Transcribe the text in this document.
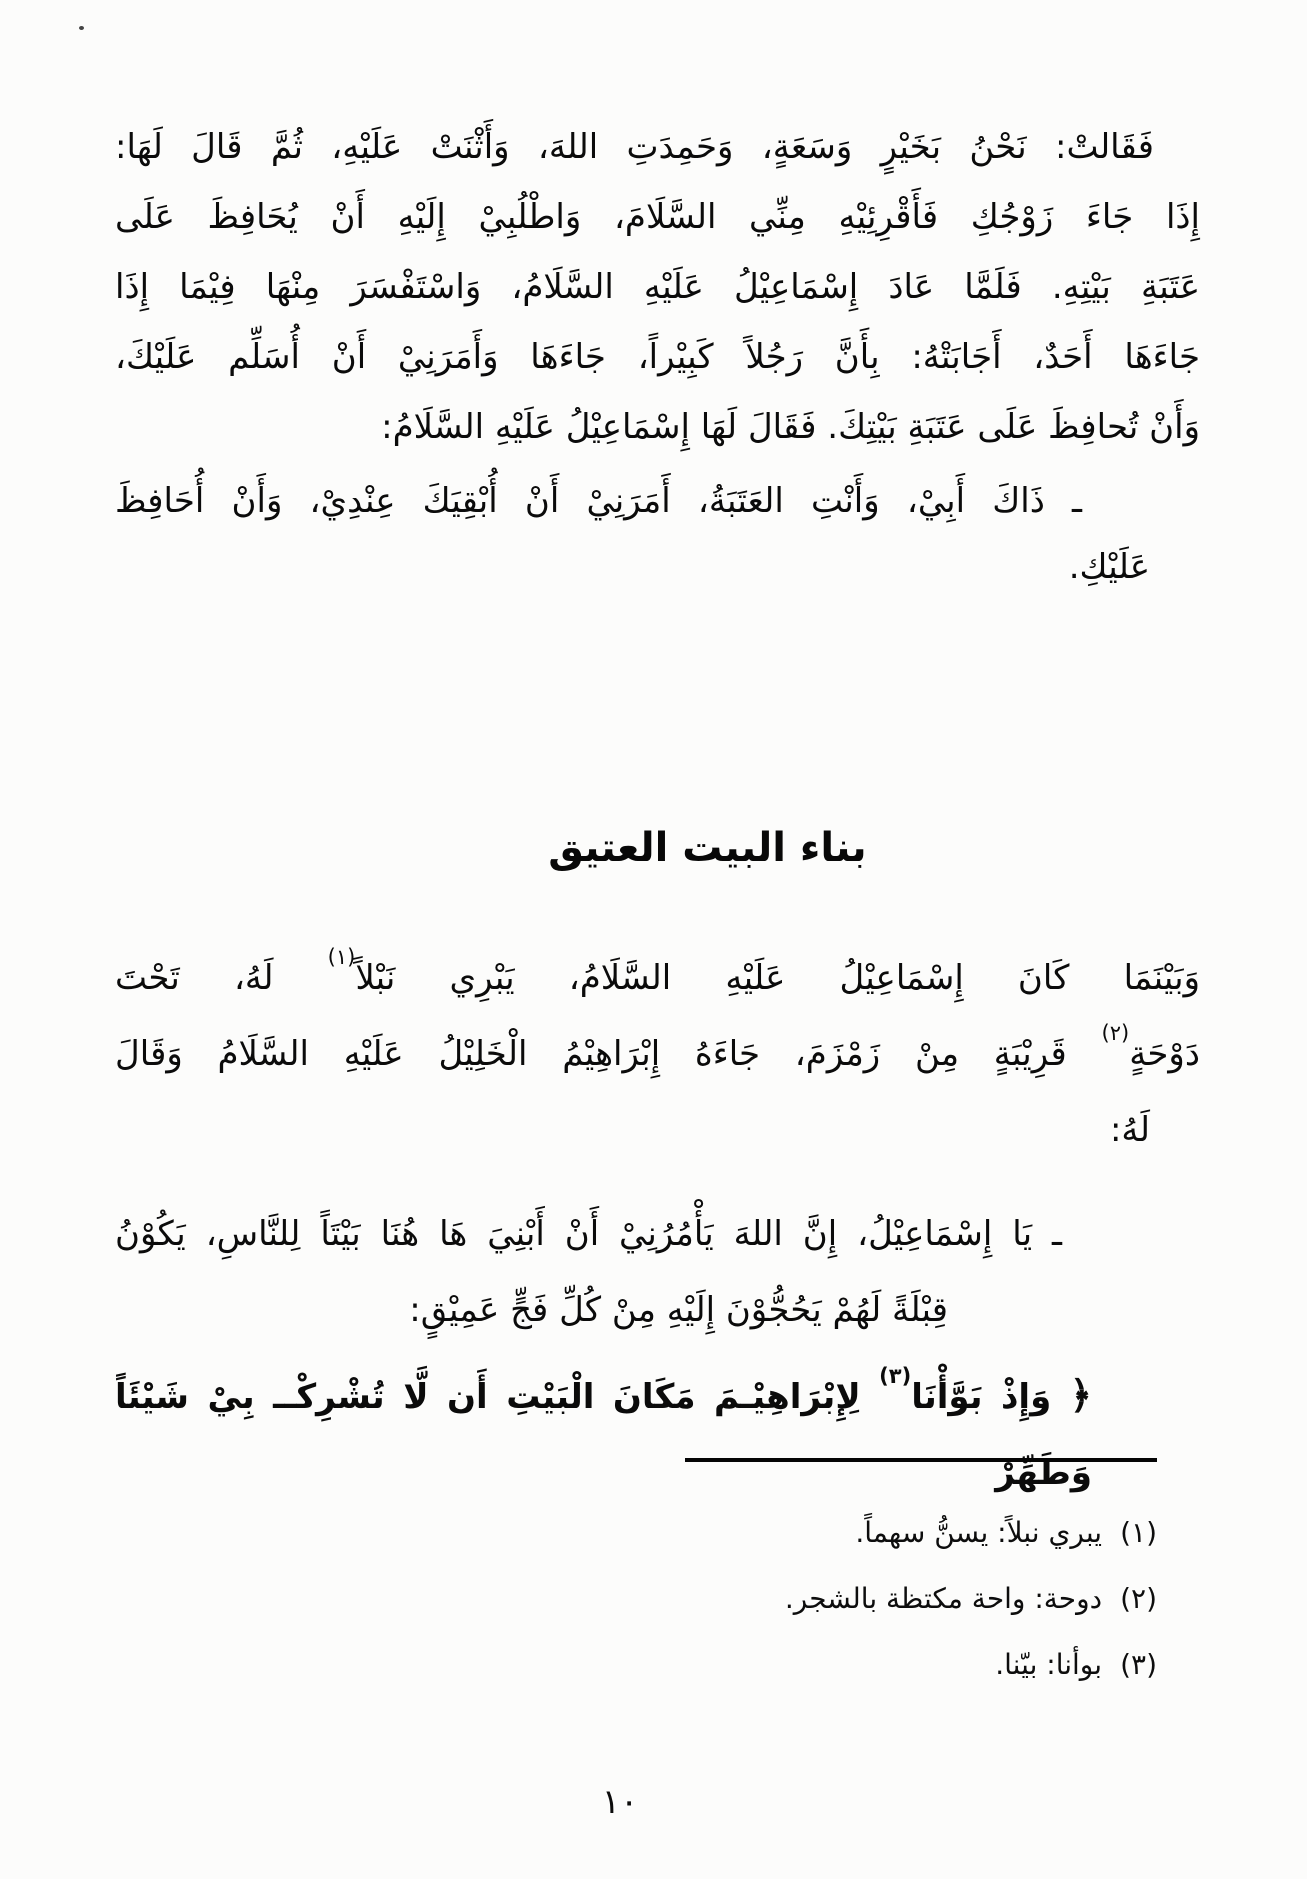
فَقَالتْ: نَحْنُ بَخَيْرٍ وَسَعَةٍ، وَحَمِدَتِ اللهَ، وَأَثْنَتْ عَلَيْهِ، ثُمَّ قَالَ لَهَا:
إِذَا جَاءَ زَوْجُكِ فَأَقْرِئِيْهِ مِنِّي السَّلَامَ، وَاطْلُبِيْ إِلَيْهِ أَنْ يُحَافِظَ عَلَى
عَتَبَةِ بَيْتِهِ. فَلَمَّا عَادَ إِسْمَاعِيْلُ عَلَيْهِ السَّلَامُ، وَاسْتَفْسَرَ مِنْهَا فِيْمَا إِذَا
جَاءَهَا أَحَدٌ، أَجَابَتْهُ: بِأَنَّ رَجُلاً كَبِيْراً، جَاءَهَا وَأَمَرَنِيْ أَنْ أُسَلِّم عَلَيْكَ،
وَأَنْ تُحافِظَ عَلَى عَتَبَةِ بَيْتِكَ. فَقَالَ لَهَا إِسْمَاعِيْلُ عَلَيْهِ السَّلَامُ:
ـ ذَاكَ أَبِيْ، وَأَنْتِ العَتَبَةُ، أَمَرَنِيْ أَنْ أُبْقِيَكَ عِنْدِيْ، وَأَنْ أُحَافِظَ
عَلَيْكِ.
بناء البيت العتيق
وَبَيْنَمَا كَانَ إِسْمَاعِيْلُ عَلَيْهِ السَّلَامُ، يَبْرِي نَبْلاً$^{(١)}$ لَهُ، تَحْتَ
دَوْحَةٍ$^{(٢)}$ قَرِيْبَةٍ مِنْ زَمْزَمَ، جَاءَهُ إِبْرَاهِيْمُ الْخَلِيْلُ عَلَيْهِ السَّلَامُ وَقَالَ
لَهُ:
ـ يَا إِسْمَاعِيْلُ، إِنَّ اللهَ يَأْمُرُنِيْ أَنْ أَبْنِيَ هَا هُنَا بَيْتَاً لِلنَّاسِ، يَكُوْنُ
قِبْلَةً لَهُمْ يَحُجُّوْنَ إِلَيْهِ مِنْ كُلِّ فَجٍّ عَمِيْقٍ:
﴿ وَإِذْ بَوَّأْنَا$^{(٣)}$ لِإِبْرَاهِيْـمَ مَكَانَ الْبَيْتِ أَن لَّا تُشْرِكْــ بِيْ شَيْئَاً وَطَهِّرْ
(١)يبري نبلاً: يسنُّ سهماً.
(٢)دوحة: واحة مكتظة بالشجر.
(٣)بوأنا: بيّنا.
١٠
